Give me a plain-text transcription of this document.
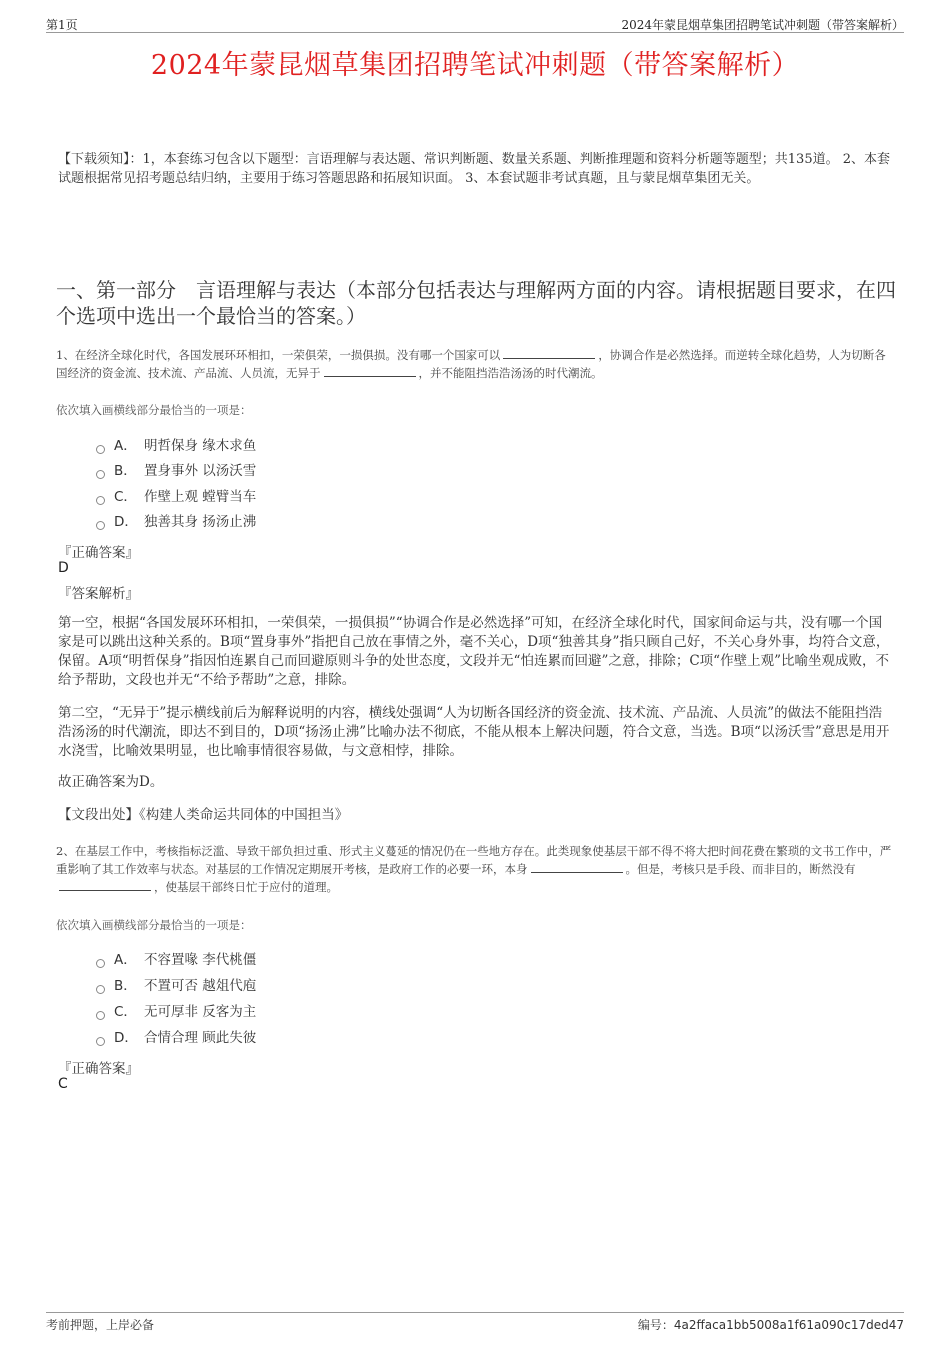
第1页	2024年蒙昆烟草集团招聘笔试冲刺题（带答案解析）
2024年蒙昆烟草集团招聘笔试冲刺题（带答案解析）
【下载须知】：1，本套练习包含以下题型：言语理解与表达题、常识判断题、数量关系题、判断推理题和资料分析题等题型；共135道。 2、本套试题根据常见招考题总结归纳，主要用于练习答题思路和拓展知识面。 3、本套试题非考试真题，且与蒙昆烟草集团无关。
一、第一部分　言语理解与表达（本部分包括表达与理解两方面的内容。请根据题目要求，在四个选项中选出一个最恰当的答案。）
1、在经济全球化时代，各国发展环环相扣，一荣俱荣，一损俱损。没有哪一个国家可以	，协调合作是必然选择。而逆转全球化趋势，人为切断各国经济的资金流、技术流、产品流、人员流，无异于	，并不能阻挡浩浩汤汤的时代潮流。
依次填入画横线部分最恰当的一项是：
A． 明哲保身 缘木求鱼
B． 置身事外 以汤沃雪
C． 作壁上观 螳臂当车
D． 独善其身 扬汤止沸
『正确答案』
D
『答案解析』
第一空，根据“各国发展环环相扣，一荣俱荣，一损俱损”“协调合作是必然选择”可知，在经济全球化时代，国家间命运与共，没有哪一个国家是可以跳出这种关系的。B项“置身事外”指把自己放在事情之外，毫不关心，D项“独善其身”指只顾自己好，不关心身外事，均符合文意，保留。A项“明哲保身”指因怕连累自己而回避原则斗争的处世态度，文段并无“怕连累而回避”之意，排除；C项“作壁上观”比喻坐观成败，不给予帮助，文段也并无“不给予帮助”之意，排除。
第二空，“无异于”提示横线前后为解释说明的内容，横线处强调“人为切断各国经济的资金流、技术流、产品流、人员流”的做法不能阻挡浩浩汤汤的时代潮流，即达不到目的，D项“扬汤止沸”比喻办法不彻底，不能从根本上解决问题，符合文意，当选。B项“以汤沃雪”意思是用开水浇雪，比喻效果明显，也比喻事情很容易做，与文意相悖，排除。
故正确答案为D。
【文段出处】《构建人类命运共同体的中国担当》
2、在基层工作中，考核指标泛滥、导致干部负担过重、形式主义蔓延的情况仍在一些地方存在。此类现象使基层干部不得不将大把时间花费在繁琐的文书工作中，严重影响了其工作效率与状态。对基层的工作情况定期展开考核，是政府工作的必要一环，本身	。但是，考核只是手段、而非目的，断然没有，使基层干部终日忙于应付的道理。
依次填入画横线部分最恰当的一项是：
A． 不容置喙 李代桃僵
B． 不置可否 越俎代庖
C． 无可厚非 反客为主
D． 合情合理 顾此失彼
『正确答案』
C
考前押题，上岸必备	编号：4a2ffaca1bb5008a1f61a090c17ded47
